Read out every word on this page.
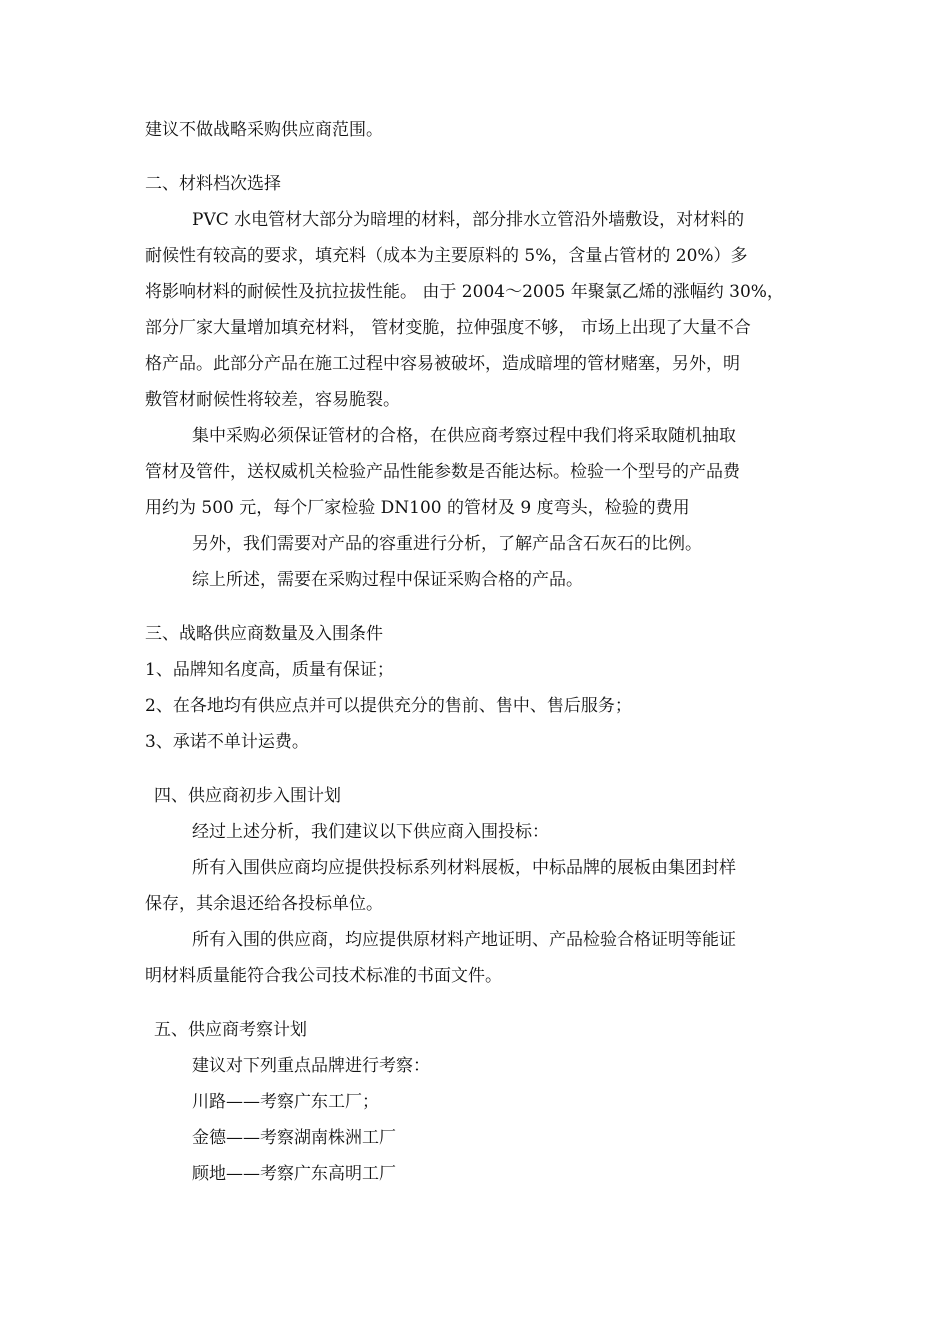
建议不做战略采购供应商范围。
二、材料档次选择
PVC 水电管材大部分为暗埋的材料，部分排水立管沿外墙敷设，对材料的
耐候性有较高的要求，填充料（成本为主要原料的 5%，含量占管材的 20%）多
将影响材料的耐候性及抗拉拔性能。 由于 2004～2005 年聚氯乙烯的涨幅约 30%，
部分厂家大量增加填充材料， 管材变脆，拉伸强度不够， 市场上出现了大量不合
格产品。此部分产品在施工过程中容易被破坏，造成暗埋的管材赌塞，另外，明
敷管材耐候性将较差，容易脆裂。
集中采购必须保证管材的合格，在供应商考察过程中我们将采取随机抽取
管材及管件，送权威机关检验产品性能参数是否能达标。检验一个型号的产品费
用约为 500 元，每个厂家检验 DN100 的管材及 9 度弯头，检验的费用
另外，我们需要对产品的容重进行分析，了解产品含石灰石的比例。
综上所述，需要在采购过程中保证采购合格的产品。
三、战略供应商数量及入围条件
1、品牌知名度高，质量有保证；
2、在各地均有供应点并可以提供充分的售前、售中、售后服务；
3、承诺不单计运费。
四、供应商初步入围计划
经过上述分析，我们建议以下供应商入围投标：
所有入围供应商均应提供投标系列材料展板，中标品牌的展板由集团封样
保存，其余退还给各投标单位。
所有入围的供应商，均应提供原材料产地证明、产品检验合格证明等能证
明材料质量能符合我公司技术标准的书面文件。
五、供应商考察计划
建议对下列重点品牌进行考察：
川路——考察广东工厂；
金德——考察湖南株洲工厂
顾地——考察广东高明工厂
